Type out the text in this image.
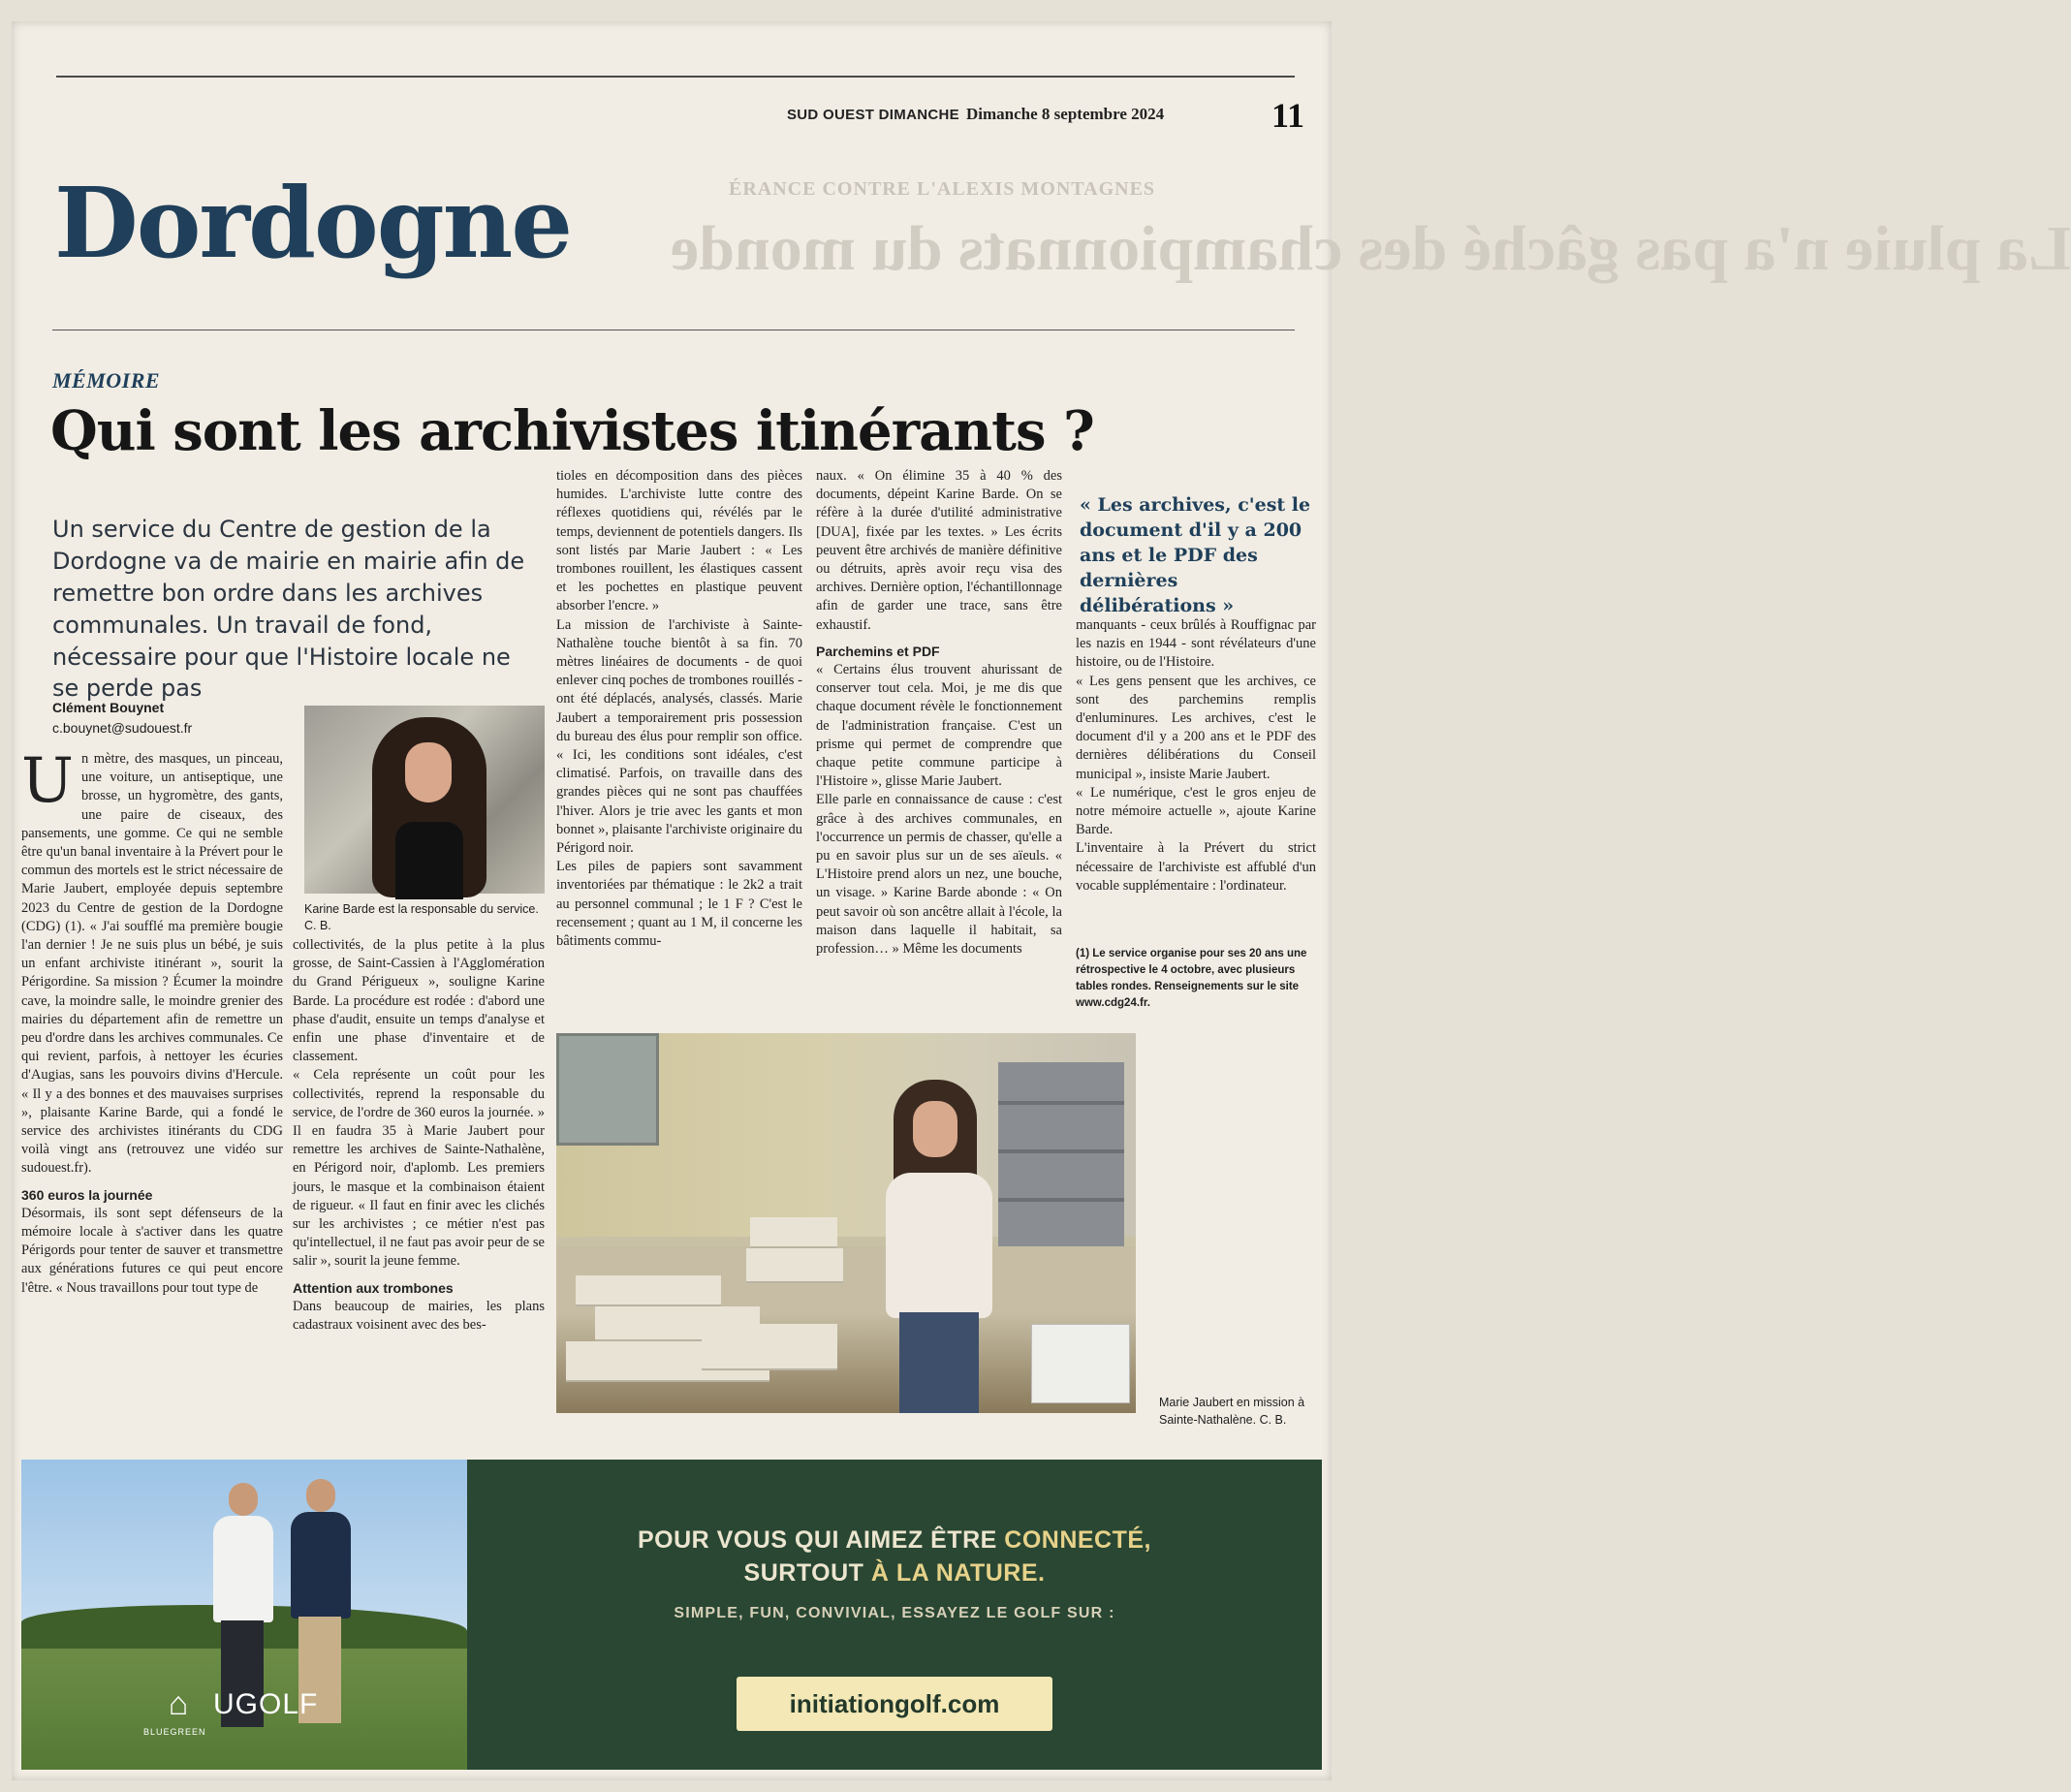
SUD OUEST DIMANCHE Dimanche 8 septembre 2024	11
ÉRANCE CONTRE L'ALEXIS MONTAGNES
La pluie n'a pas gâché des championnats du monde
Dordogne
MÉMOIRE
Qui sont les archivistes itinérants ?
Un service du Centre de gestion de la Dordogne va de mairie en mairie afin de remettre bon ordre dans les archives communales. Un travail de fond, nécessaire pour que l'Histoire locale ne se perde pas
Clément Bouynet
c.bouynet@sudouest.fr

Un mètre, des masques, un pinceau, une voiture, un antiseptique, une brosse, un hygromètre, des gants, une paire de ciseaux, des pansements, une gomme. Ce qui ne semble être qu'un banal inventaire à la Prévert pour le commun des mortels est le strict nécessaire de Marie Jaubert, employée depuis septembre 2023 du Centre de gestion de la Dordogne (CDG) (1). « J'ai soufflé ma première bougie l'an dernier ! Je ne suis plus un bébé, je suis un enfant archiviste itinérant », sourit la Périgordine. Sa mission ? Écumer la moindre cave, la moindre salle, le moindre grenier des mairies du département afin de remettre un peu d'ordre dans les archives communales. Ce qui revient, parfois, à nettoyer les écuries d'Augias, sans les pouvoirs divins d'Hercule. « Il y a des bonnes et des mauvaises surprises », plaisante Karine Barde, qui a fondé le service des archivistes itinérants du CDG voilà vingt ans (retrouvez une vidéo sur sudouest.fr).

360 euros la journée

Désormais, ils sont sept défenseurs de la mémoire locale à s'activer dans les quatre Périgords pour tenter de sauver et transmettre aux générations futures ce qui peut encore l'être. « Nous travaillons pour tout type de

Karine Barde est la responsable du service. C. B.

collectivités, de la plus petite à la plus grosse, de Saint-Cassien à l'Agglomération du Grand Périgueux », souligne Karine Barde. La procédure est rodée : d'abord une phase d'audit, ensuite un temps d'analyse et enfin une phase d'inventaire et de classement.

« Cela représente un coût pour les collectivités, reprend la responsable du service, de l'ordre de 360 euros la journée. » Il en faudra 35 à Marie Jaubert pour remettre les archives de Sainte-Nathalène, en Périgord noir, d'aplomb. Les premiers jours, le masque et la combinaison étaient de rigueur. « Il faut en finir avec les clichés sur les archivistes ; ce métier n'est pas qu'intellectuel, il ne faut pas avoir peur de se salir », sourit la jeune femme.

Attention aux trombones

Dans beaucoup de mairies, les plans cadastraux voisinent avec des bes-

tioles en décomposition dans des pièces humides. L'archiviste lutte contre des réflexes quotidiens qui, révélés par le temps, deviennent de potentiels dangers. Ils sont listés par Marie Jaubert : « Les trombones rouillent, les élastiques cassent et les pochettes en plastique peuvent absorber l'encre. »

La mission de l'archiviste à Sainte-Nathalène touche bientôt à sa fin. 70 mètres linéaires de documents - de quoi enlever cinq poches de trombones rouillés - ont été déplacés, analysés, classés. Marie Jaubert a temporairement pris possession du bureau des élus pour remplir son office. « Ici, les conditions sont idéales, c'est climatisé. Parfois, on travaille dans des grandes pièces qui ne sont pas chauffées l'hiver. Alors je trie avec les gants et mon bonnet », plaisante l'archiviste originaire du Périgord noir.

Les piles de papiers sont savamment inventoriées par thématique : le 2k2 a trait au personnel communal ; le 1 F ? C'est le recensement ; quant au 1 M, il concerne les bâtiments commu-

naux. « On élimine 35 à 40 % des documents, dépeint Karine Barde. On se réfère à la durée d'utilité administrative [DUA], fixée par les textes. » Les écrits peuvent être archivés de manière définitive ou détruits, après avoir reçu visa des archives. Dernière option, l'échantillonnage afin de garder une trace, sans être exhaustif.

Parchemins et PDF

« Certains élus trouvent ahurissant de conserver tout cela. Moi, je me dis que chaque document révèle le fonctionnement de l'administration française. C'est un prisme qui permet de comprendre que chaque petite commune participe à l'Histoire », glisse Marie Jaubert.

Elle parle en connaissance de cause : c'est grâce à des archives communales, en l'occurrence un permis de chasser, qu'elle a pu en savoir plus sur un de ses aïeuls. « L'Histoire prend alors un nez, une bouche, un visage. » Karine Barde abonde : « On peut savoir où son ancêtre allait à l'école, la maison dans laquelle il habitait, sa profession… » Même les documents

« Les archives, c'est le document d'il y a 200 ans et le PDF des dernières délibérations »

manquants - ceux brûlés à Rouffignac par les nazis en 1944 - sont révélateurs d'une histoire, ou de l'Histoire.

« Les gens pensent que les archives, ce sont des parchemins remplis d'enluminures. Les archives, c'est le document d'il y a 200 ans et le PDF des dernières délibérations du Conseil municipal », insiste Marie Jaubert.

« Le numérique, c'est le gros enjeu de notre mémoire actuelle », ajoute Karine Barde.

L'inventaire à la Prévert du strict nécessaire de l'archiviste est affublé d'un vocable supplémentaire : l'ordinateur.

(1) Le service organise pour ses 20 ans une rétrospective le 4 octobre, avec plusieurs tables rondes. Renseignements sur le site www.cdg24.fr.
Marie Jaubert en mission à Sainte-Nathalène. C. B.
⌂
BLUEGREEN
UGOLF
POUR VOUS QUI AIMEZ ÊTRE CONNECTÉ,
SURTOUT À LA NATURE.
SIMPLE, FUN, CONVIVIAL, ESSAYEZ LE GOLF SUR :
initiationgolf.com
